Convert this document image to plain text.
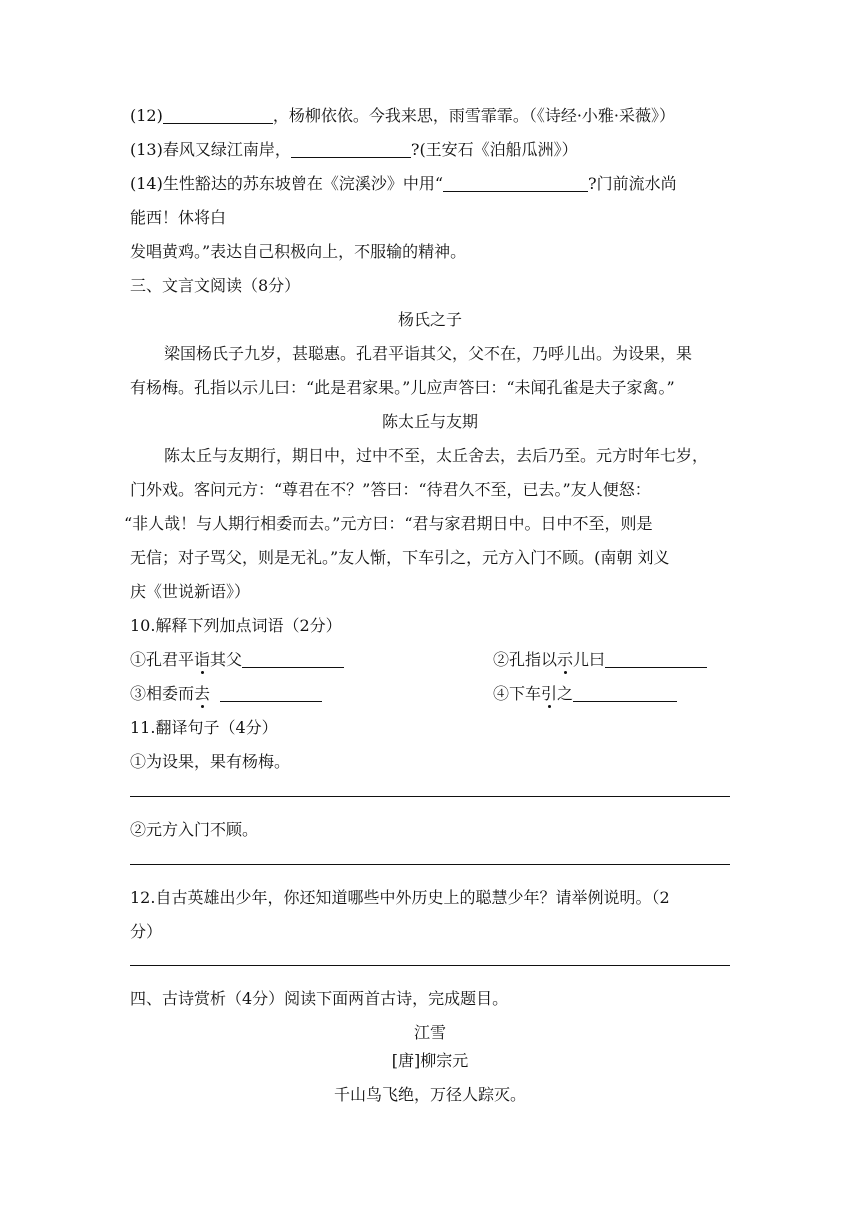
(12)	，杨柳依依。今我来思，雨雪霏霏。（《诗经·小雅·采薇》）
(13)春风又绿江南岸，	?(王安石《泊船瓜洲》）
(14)生性豁达的苏东坡曾在《浣溪沙》中用“	?门前流水尚
能西！休将白
发唱黄鸡。”表达自己积极向上，不服输的精神。
三、文言文阅读（8分）
杨氏之子
梁国杨氏子九岁，甚聪惠。孔君平诣其父，父不在，乃呼儿出。为设果，果
有杨梅。孔指以示儿曰：“此是君家果。”儿应声答曰：“未闻孔雀是夫子家禽。”
陈太丘与友期
陈太丘与友期行，期日中，过中不至，太丘舍去，去后乃至。元方时年七岁，
门外戏。客问元方：“尊君在不？”答曰：“待君久不至，已去。”友人便怒：
“非人哉！与人期行相委而去。”元方曰：“君与家君期日中。日中不至，则是
无信；对子骂父，则是无礼。”友人惭，下车引之，元方入门不顾。(南朝 刘义
庆《世说新语》）
10.解释下列加点词语（2分）
①孔君平诣其父	②孔指以示儿曰
③相委而去	④下车引之
11.翻译句子（4分）
①为设果，果有杨梅。
②元方入门不顾。
12.自古英雄出少年，你还知道哪些中外历史上的聪慧少年？请举例说明。（2
分）
四、古诗赏析（4分）阅读下面两首古诗，完成题目。
江雪
[唐]柳宗元
千山鸟飞绝，万径人踪灭。
